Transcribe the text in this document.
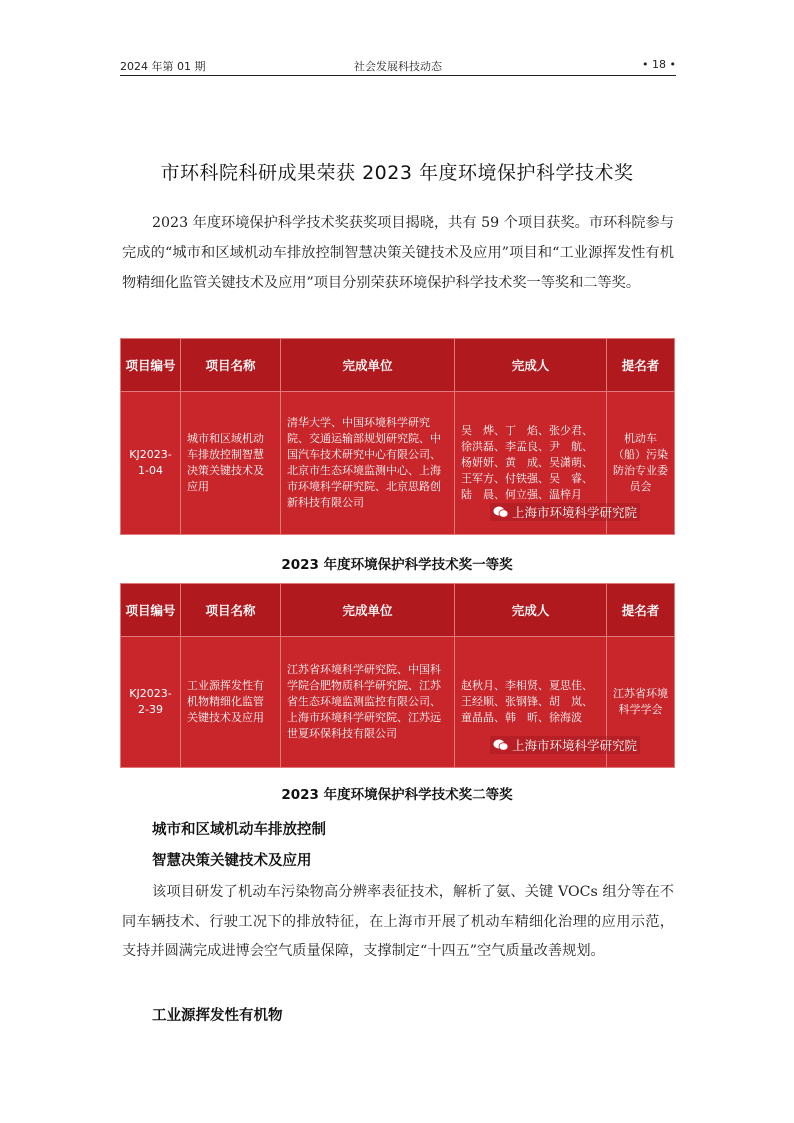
2024 年第 01 期	社会发展科技动态	• 18 •
市环科院科研成果荣获 2023 年度环境保护科学技术奖
2023 年度环境保护科学技术奖获奖项目揭晓，共有 59 个项目获奖。市环科院参与完成的“城市和区域机动车排放控制智慧决策关键技术及应用”项目和“工业源挥发性有机物精细化监管关键技术及应用”项目分别荣获环境保护科学技术奖一等奖和二等奖。
项目编号	项目名称	完成单位	完成人	提名者
KJ2023-1-04	城市和区域机动车排放控制智慧决策关键技术及应用	清华大学、中国环境科学研究院、交通运输部规划研究院、中国汽车技术研究中心有限公司、北京市生态环境监测中心、上海市环境科学研究院、北京思路创新科技有限公司	吴　烨、丁　焰、张少君、徐洪磊、李孟良、尹　航、杨妍妍、黄　成、吴潇萌、王军方、付铁强、吴　睿、陆　晨、何立强、温梓月	机动车（船）污染防治专业委员会
上海市环境科学研究院
2023 年度环境保护科学技术奖一等奖
项目编号	项目名称	完成单位	完成人	提名者
KJ2023-2-39	工业源挥发性有机物精细化监管关键技术及应用	江苏省环境科学研究院、中国科学院合肥物质科学研究院、江苏省生态环境监测监控有限公司、上海市环境科学研究院、江苏远世夏环保科技有限公司	赵秋月、李相贤、夏思佳、王经顺、张钢锋、胡　岚、童晶晶、韩　昕、徐海波	江苏省环境科学学会
上海市环境科学研究院
2023 年度环境保护科学技术奖二等奖
城市和区域机动车排放控制
智慧决策关键技术及应用
该项目研发了机动车污染物高分辨率表征技术，解析了氨、关键 VOCs 组分等在不同车辆技术、行驶工况下的排放特征，在上海市开展了机动车精细化治理的应用示范，支持并圆满完成进博会空气质量保障，支撑制定“十四五”空气质量改善规划。
工业源挥发性有机物
